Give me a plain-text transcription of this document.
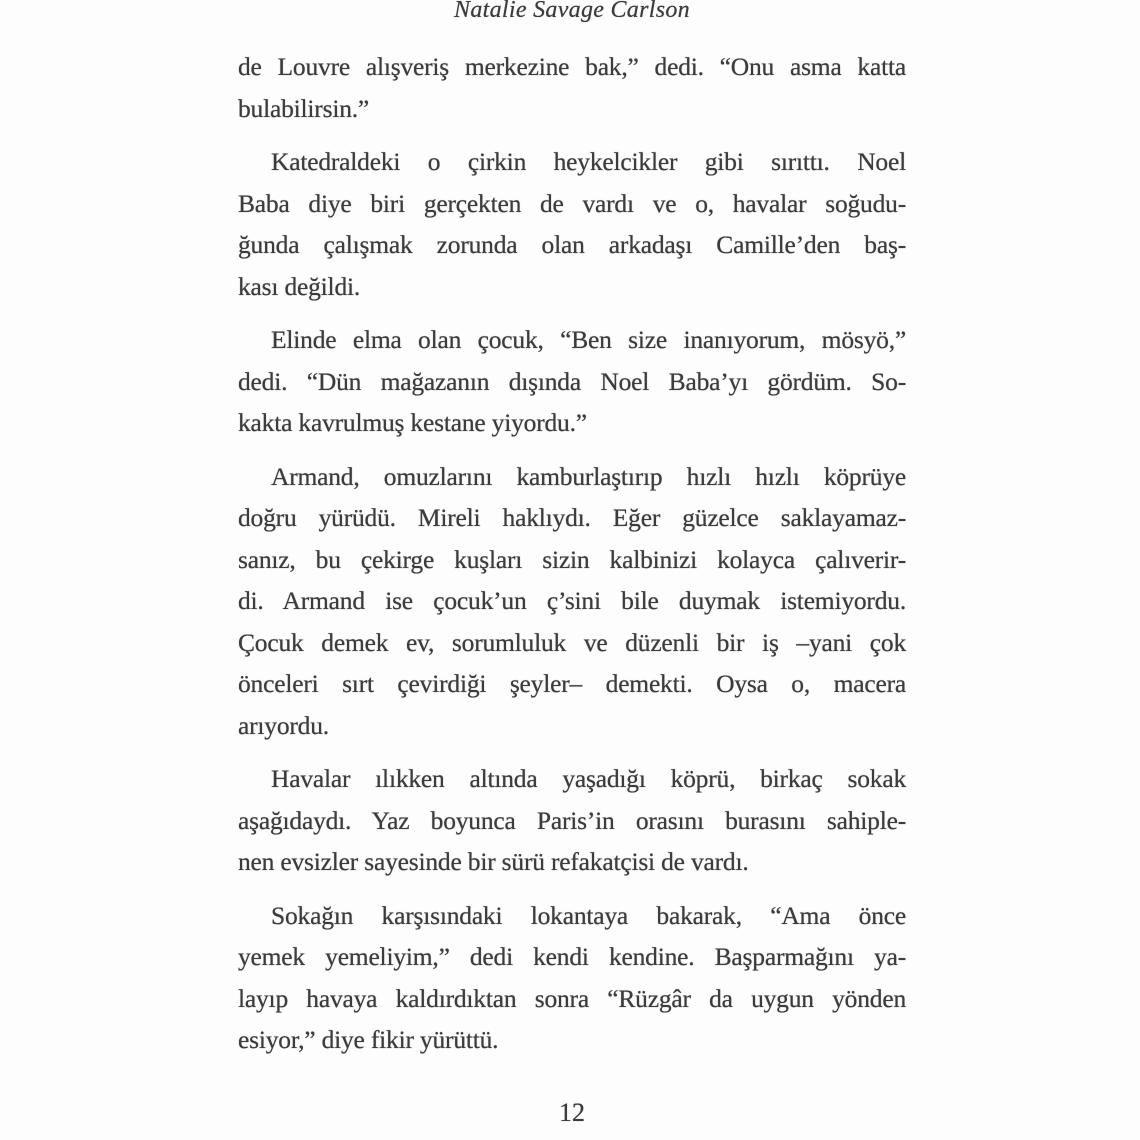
Natalie Savage Carlson
de Louvre alışveriş merkezine bak,” dedi. “Onu asma katta
bulabilirsin.”
Katedraldeki o çirkin heykelcikler gibi sırıttı. Noel
Baba diye biri gerçekten de vardı ve o, havalar soğudu-
ğunda çalışmak zorunda olan arkadaşı Camille’den baş-
kası değildi.
Elinde elma olan çocuk, “Ben size inanıyorum, mösyö,”
dedi. “Dün mağazanın dışında Noel Baba’yı gördüm. So-
kakta kavrulmuş kestane yiyordu.”
Armand, omuzlarını kamburlaştırıp hızlı hızlı köprüye
doğru yürüdü. Mireli haklıydı. Eğer güzelce saklayamaz-
sanız, bu çekirge kuşları sizin kalbinizi kolayca çalıverir-
di. Armand ise çocuk’un ç’sini bile duymak istemiyordu.
Çocuk demek ev, sorumluluk ve düzenli bir iş –yani çok
önceleri sırt çevirdiği şeyler– demekti. Oysa o, macera
arıyordu.
Havalar ılıkken altında yaşadığı köprü, birkaç sokak
aşağıdaydı. Yaz boyunca Paris’in orasını burasını sahiple-
nen evsizler sayesinde bir sürü refakatçisi de vardı.
Sokağın karşısındaki lokantaya bakarak, “Ama önce
yemek yemeliyim,” dedi kendi kendine. Başparmağını ya-
layıp havaya kaldırdıktan sonra “Rüzgâr da uygun yönden
esiyor,” diye fikir yürüttü.
12
